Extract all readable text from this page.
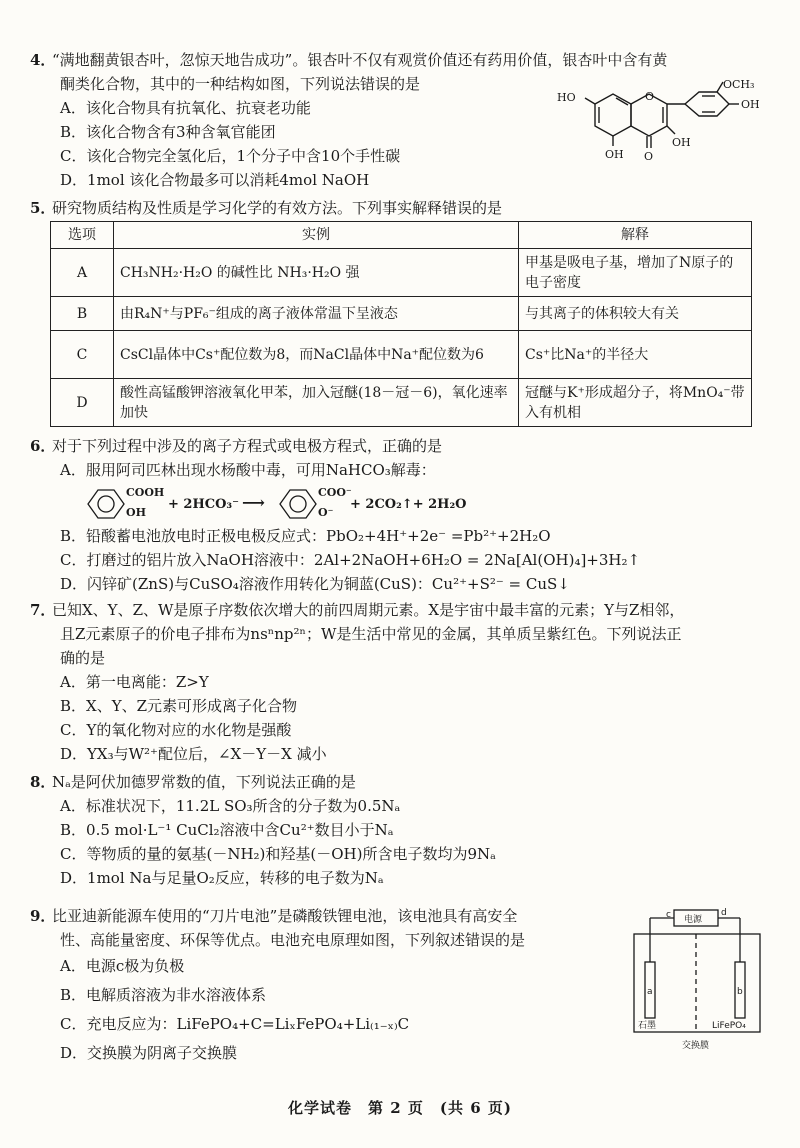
4．“满地翻黄银杏叶，忽惊天地告成功”。银杏叶不仅有观赏价值还有药用价值，银杏叶中含有黄
酮类化合物，其中的一种结构如图，下列说法错误的是
A．该化合物具有抗氧化、抗衰老功能
B．该化合物含有3种含氧官能团
C．该化合物完全氢化后，1个分子中含10个手性碳
D．1mol 该化合物最多可以消耗4mol NaOH
HO	O
OCH₃
OH
OH O
OH
5．研究物质结构及性质是学习化学的有效方法。下列事实解释错误的是
选项	实例	解释
A	CH₃NH₂·H₂O 的碱性比 NH₃·H₂O 强	甲基是吸电子基，增加了N原子的电子密度
B	由R₄N⁺与PF₆⁻组成的离子液体常温下呈液态	与其离子的体积较大有关
C	CsCl晶体中Cs⁺配位数为8，而NaCl晶体中Na⁺配位数为6	Cs⁺比Na⁺的半径大
D	酸性高锰酸钾溶液氧化甲苯，加入冠醚(18－冠－6)，氧化速率加快	冠醚与K⁺形成超分子，将MnO₄⁻带入有机相
6．对于下列过程中涉及的离子方程式或电极方程式，正确的是
A．服用阿司匹林出现水杨酸中毒，可用NaHCO₃解毒：
COOH
OH
+ 2HCO₃⁻ ⟶
COO⁻
O⁻
+ 2CO₂↑+ 2H₂O
B．铅酸蓄电池放电时正极电极反应式：PbO₂+4H⁺+2e⁻ =Pb²⁺+2H₂O
C．打磨过的铝片放入NaOH溶液中：2Al+2NaOH+6H₂O = 2Na[Al(OH)₄]+3H₂↑
D．闪锌矿(ZnS)与CuSO₄溶液作用转化为铜蓝(CuS)：Cu²⁺+S²⁻ = CuS↓
7．已知X、Y、Z、W是原子序数依次增大的前四周期元素。X是宇宙中最丰富的元素；Y与Z相邻，
且Z元素原子的价电子排布为nsⁿnp²ⁿ；W是生活中常见的金属，其单质呈紫红色。下列说法正
确的是
A．第一电离能：Z>Y
B．X、Y、Z元素可形成离子化合物
C．Y的氧化物对应的水化物是强酸
D．YX₃与W²⁺配位后，∠X－Y－X 减小
8．Nₐ是阿伏加德罗常数的值，下列说法正确的是
A．标准状况下，11.2L SO₃所含的分子数为0.5Nₐ
B．0.5 mol·L⁻¹ CuCl₂溶液中含Cu²⁺数目小于Nₐ
C．等物质的量的氨基(－NH₂)和羟基(－OH)所含电子数均为9Nₐ
D．1mol Na与足量O₂反应，转移的电子数为Nₐ
9．比亚迪新能源车使用的“刀片电池”是磷酸铁锂电池，该电池具有高安全
性、高能量密度、环保等优点。电池充电原理如图，下列叙述错误的是
A．电源c极为负极
B．电解质溶液为非水溶液体系
C．充电反应为：LiFePO₄+C=LiₓFePO₄+Li₍₁₋ₓ₎C
D．交换膜为阴离子交换膜
c	d
电源
a	b
石墨	LiFePO₄
交换膜
化学试卷　第 2 页　(共 6 页)
